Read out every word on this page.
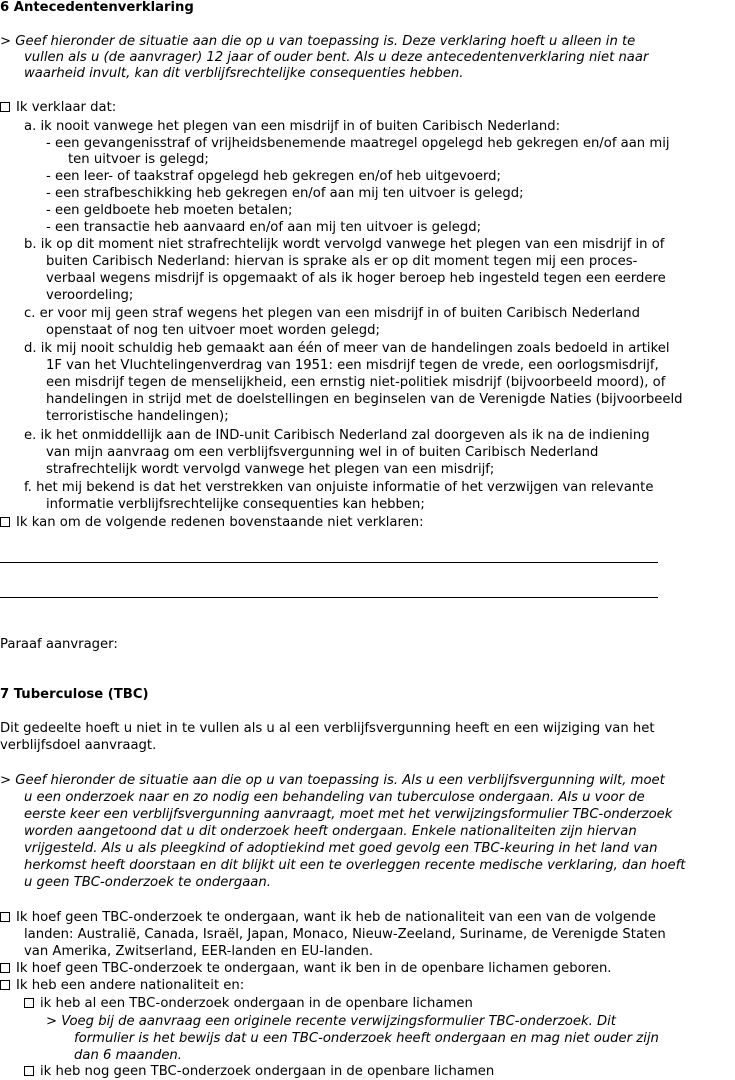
6 Antecedentenverklaring
> Geef hieronder de situatie aan die op u van toepassing is. Deze verklaring hoeft u alleen in te
vullen als u (de aanvrager) 12 jaar of ouder bent. Als u deze antecedentenverklaring niet naar
waarheid invult, kan dit verblijfsrechtelijke consequenties hebben.
Ik verklaar dat:
a. ik nooit vanwege het plegen van een misdrijf in of buiten Caribisch Nederland:
- een gevangenisstraf of vrijheidsbenemende maatregel opgelegd heb gekregen en/of aan mij
ten uitvoer is gelegd;
- een leer- of taakstraf opgelegd heb gekregen en/of heb uitgevoerd;
- een strafbeschikking heb gekregen en/of aan mij ten uitvoer is gelegd;
- een geldboete heb moeten betalen;
- een transactie heb aanvaard en/of aan mij ten uitvoer is gelegd;
b. ik op dit moment niet strafrechtelijk wordt vervolgd vanwege het plegen van een misdrijf in of
buiten Caribisch Nederland: hiervan is sprake als er op dit moment tegen mij een proces-
verbaal wegens misdrijf is opgemaakt of als ik hoger beroep heb ingesteld tegen een eerdere
veroordeling;
c. er voor mij geen straf wegens het plegen van een misdrijf in of buiten Caribisch Nederland
openstaat of nog ten uitvoer moet worden gelegd;
d. ik mij nooit schuldig heb gemaakt aan één of meer van de handelingen zoals bedoeld in artikel
1F van het Vluchtelingenverdrag van 1951: een misdrijf tegen de vrede, een oorlogsmisdrijf,
een misdrijf tegen de menselijkheid, een ernstig niet-politiek misdrijf (bijvoorbeeld moord), of
handelingen in strijd met de doelstellingen en beginselen van de Verenigde Naties (bijvoorbeeld
terroristische handelingen);
e. ik het onmiddellijk aan de IND-unit Caribisch Nederland zal doorgeven als ik na de indiening
van mijn aanvraag om een verblijfsvergunning wel in of buiten Caribisch Nederland
strafrechtelijk wordt vervolgd vanwege het plegen van een misdrijf;
f. het mij bekend is dat het verstrekken van onjuiste informatie of het verzwijgen van relevante
informatie verblijfsrechtelijke consequenties kan hebben;
Ik kan om de volgende redenen bovenstaande niet verklaren:
Paraaf aanvrager:
7 Tuberculose (TBC)
Dit gedeelte hoeft u niet in te vullen als u al een verblijfsvergunning heeft en een wijziging van het
verblijfsdoel aanvraagt.
> Geef hieronder de situatie aan die op u van toepassing is. Als u een verblijfsvergunning wilt, moet
u een onderzoek naar en zo nodig een behandeling van tuberculose ondergaan. Als u voor de
eerste keer een verblijfsvergunning aanvraagt, moet met het verwijzingsformulier TBC-onderzoek
worden aangetoond dat u dit onderzoek heeft ondergaan. Enkele nationaliteiten zijn hiervan
vrijgesteld. Als u als pleegkind of adoptiekind met goed gevolg een TBC-keuring in het land van
herkomst heeft doorstaan en dit blijkt uit een te overleggen recente medische verklaring, dan hoeft
u geen TBC-onderzoek te ondergaan.
Ik hoef geen TBC-onderzoek te ondergaan, want ik heb de nationaliteit van een van de volgende
landen: Australië, Canada, Israël, Japan, Monaco, Nieuw-Zeeland, Suriname, de Verenigde Staten
van Amerika, Zwitserland, EER-landen en EU-landen.
Ik hoef geen TBC-onderzoek te ondergaan, want ik ben in de openbare lichamen geboren.
Ik heb een andere nationaliteit en:
ik heb al een TBC-onderzoek ondergaan in de openbare lichamen
> Voeg bij de aanvraag een originele recente verwijzingsformulier TBC-onderzoek. Dit
formulier is het bewijs dat u een TBC-onderzoek heeft ondergaan en mag niet ouder zijn
dan 6 maanden.
ik heb nog geen TBC-onderzoek ondergaan in de openbare lichamen
